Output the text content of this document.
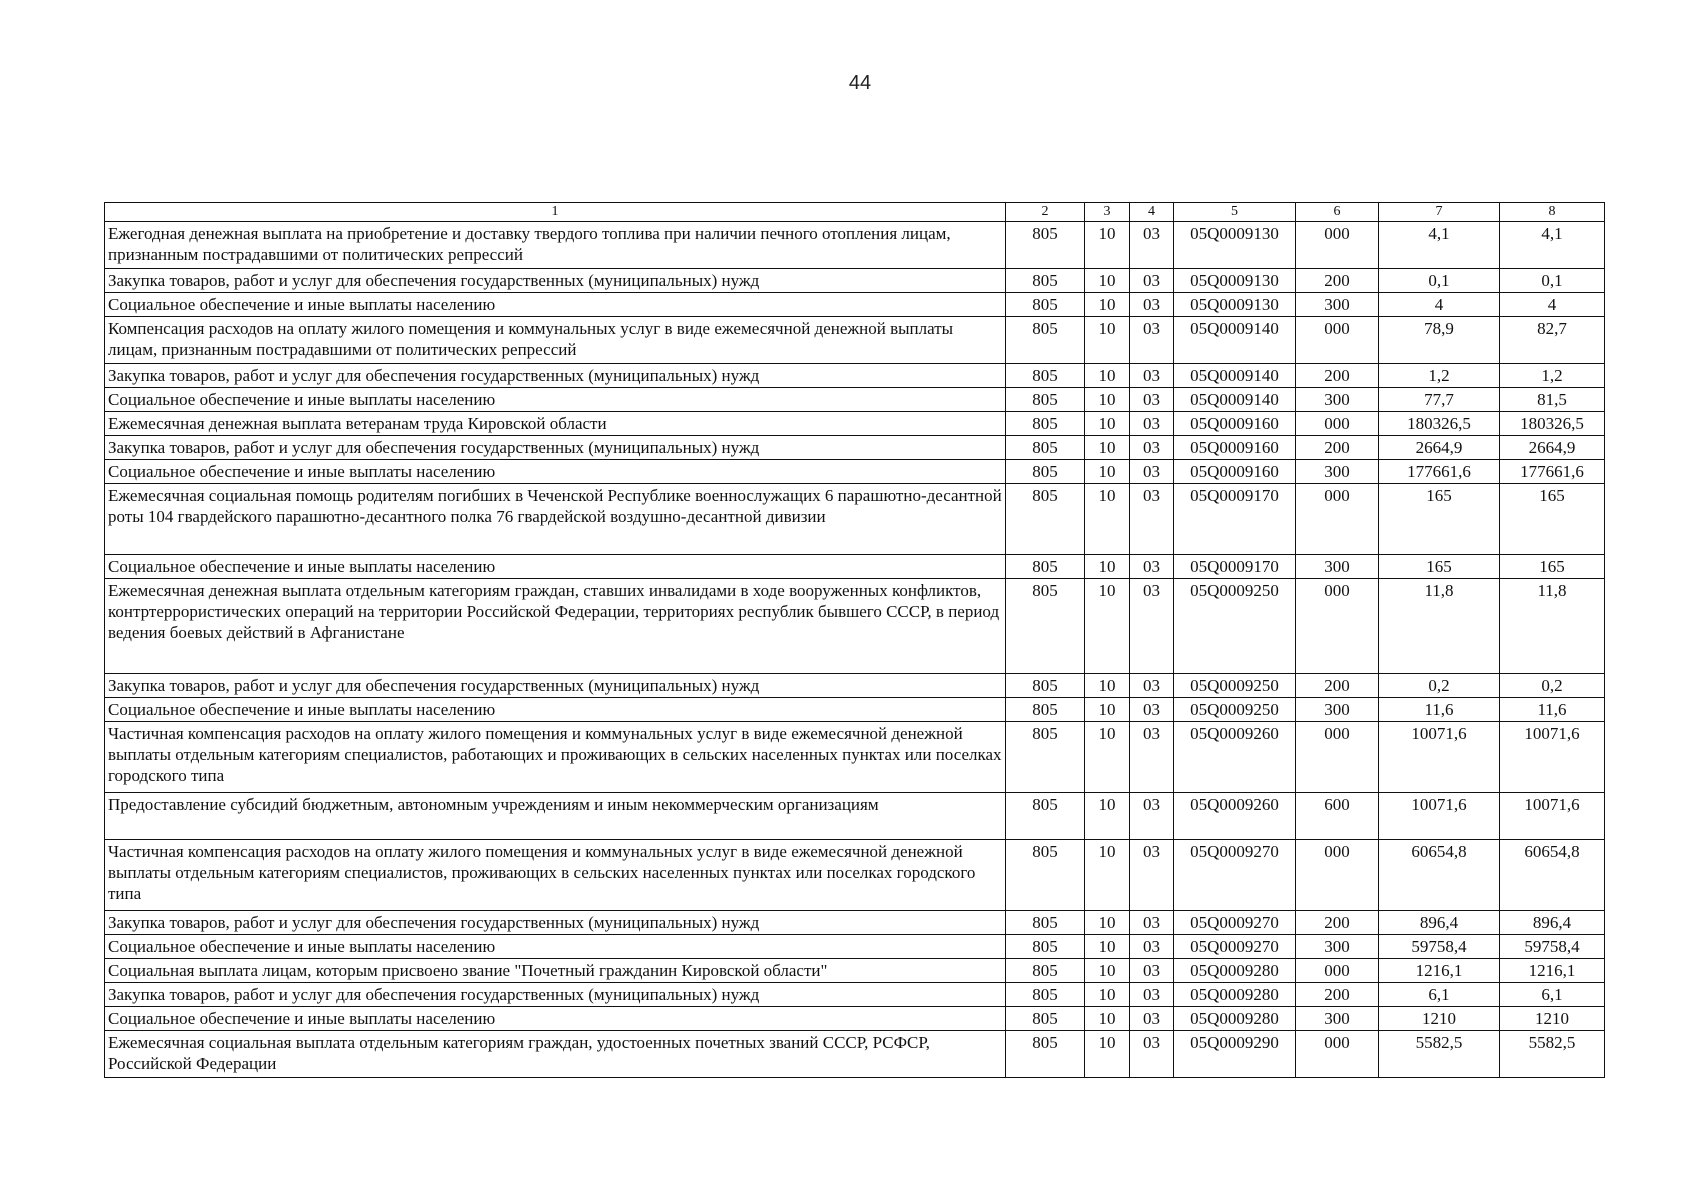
44
1	2	3	4	5	6	7	8
Ежегодная денежная выплата на приобретение и доставку твердого топлива при наличии печного отопления лицам, признанным пострадавшими от политических репрессий	805	10	03	05Q0009130	000	4,1	4,1
Закупка товаров, работ и услуг для обеспечения государственных (муниципальных) нужд	805	10	03	05Q0009130	200	0,1	0,1
Социальное обеспечение и иные выплаты населению	805	10	03	05Q0009130	300	4	4
Компенсация расходов на оплату жилого помещения и коммунальных услуг в виде ежемесячной денежной выплаты лицам, признанным пострадавшими от политических репрессий	805	10	03	05Q0009140	000	78,9	82,7
Закупка товаров, работ и услуг для обеспечения государственных (муниципальных) нужд	805	10	03	05Q0009140	200	1,2	1,2
Социальное обеспечение и иные выплаты населению	805	10	03	05Q0009140	300	77,7	81,5
Ежемесячная денежная выплата ветеранам труда Кировской области	805	10	03	05Q0009160	000	180326,5	180326,5
Закупка товаров, работ и услуг для обеспечения государственных (муниципальных) нужд	805	10	03	05Q0009160	200	2664,9	2664,9
Социальное обеспечение и иные выплаты населению	805	10	03	05Q0009160	300	177661,6	177661,6
Ежемесячная социальная помощь родителям погибших в Чеченской Республике военнослужащих 6 парашютно-десантной роты 104 гвардейского парашютно-десантного полка 76 гвардейской воздушно-десантной дивизии	805	10	03	05Q0009170	000	165	165
Социальное обеспечение и иные выплаты населению	805	10	03	05Q0009170	300	165	165
Ежемесячная денежная выплата отдельным категориям граждан, ставших инвалидами в ходе вооруженных конфликтов, контртеррористических операций на территории Российской Федерации, территориях республик бывшего СССР, в период ведения боевых действий в Афганистане	805	10	03	05Q0009250	000	11,8	11,8
Закупка товаров, работ и услуг для обеспечения государственных (муниципальных) нужд	805	10	03	05Q0009250	200	0,2	0,2
Социальное обеспечение и иные выплаты населению	805	10	03	05Q0009250	300	11,6	11,6
Частичная компенсация расходов на оплату жилого помещения и коммунальных услуг в виде ежемесячной денежной выплаты отдельным категориям специалистов, работающих и проживающих в сельских населенных пунктах или поселках городского типа	805	10	03	05Q0009260	000	10071,6	10071,6
Предоставление субсидий бюджетным, автономным учреждениям и иным некоммерческим организациям	805	10	03	05Q0009260	600	10071,6	10071,6
Частичная компенсация расходов на оплату жилого помещения и коммунальных услуг в виде ежемесячной денежной выплаты отдельным категориям специалистов, проживающих в сельских населенных пунктах или поселках городского типа	805	10	03	05Q0009270	000	60654,8	60654,8
Закупка товаров, работ и услуг для обеспечения государственных (муниципальных) нужд	805	10	03	05Q0009270	200	896,4	896,4
Социальное обеспечение и иные выплаты населению	805	10	03	05Q0009270	300	59758,4	59758,4
Социальная выплата лицам, которым присвоено звание "Почетный гражданин Кировской области"	805	10	03	05Q0009280	000	1216,1	1216,1
Закупка товаров, работ и услуг для обеспечения государственных (муниципальных) нужд	805	10	03	05Q0009280	200	6,1	6,1
Социальное обеспечение и иные выплаты населению	805	10	03	05Q0009280	300	1210	1210
Ежемесячная социальная выплата отдельным категориям граждан, удостоенных почетных званий СССР, РСФСР, Российской Федерации	805	10	03	05Q0009290	000	5582,5	5582,5
